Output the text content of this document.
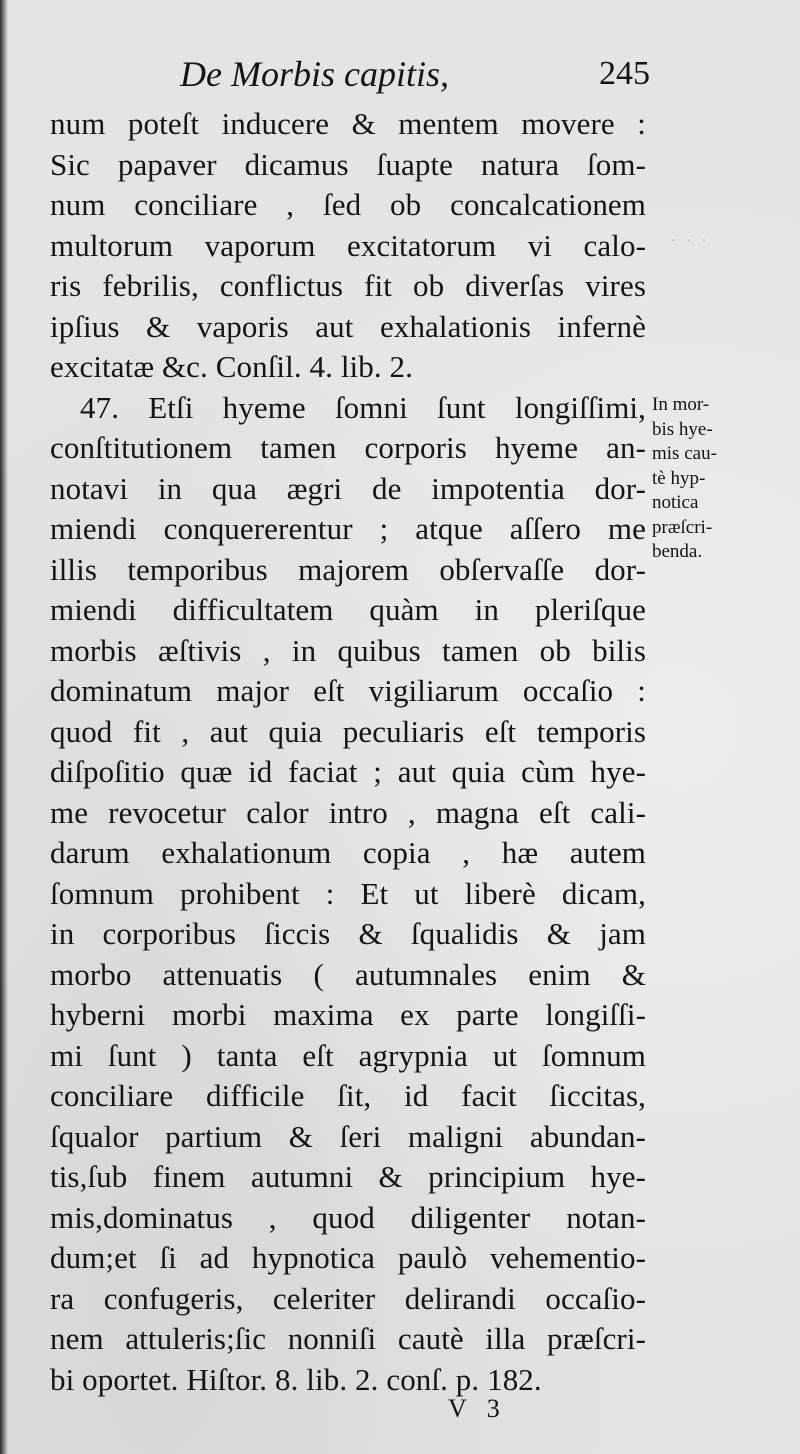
᛫ ᛫ ᛫
De Morbis capitis,	245
num poteſt inducere & mentem movere :
Sic papaver dicamus ſuapte natura ſom-
num conciliare , ſed ob concalcationem
multorum vaporum excitatorum vi calo-
ris febrilis, conflictus fit ob diverſas vires
ipſius & vaporis aut exhalationis infernè
excitatæ &c. Conſil. 4. lib. 2.
47. Etſi hyeme ſomni ſunt longiſſimi,
conſtitutionem tamen corporis hyeme an-
notavi in qua ægri de impotentia dor-
miendi conquererentur ; atque aſſero me
illis temporibus majorem obſervaſſe dor-
miendi difficultatem quàm in pleriſque
morbis æſtivis , in quibus tamen ob bilis
dominatum major eſt vigiliarum occaſio :
quod fit , aut quia peculiaris eſt temporis
diſpoſitio quæ id faciat ; aut quia cùm hye-
me revocetur calor intro , magna eſt cali-
darum exhalationum copia , hæ autem
ſomnum prohibent : Et ut liberè dicam,
in corporibus ſiccis & ſqualidis & jam
morbo attenuatis ( autumnales enim &
hyberni morbi maxima ex parte longiſſi-
mi ſunt ) tanta eſt agrypnia ut ſomnum
conciliare difficile ſit, id facit ſiccitas,
ſqualor partium & ſeri maligni abundan-
tis,ſub finem autumni & principium hye-
mis,dominatus , quod diligenter notan-
dum;et ſi ad hypnotica paulò vehementio-
ra confugeris, celeriter delirandi occaſio-
nem attuleris;ſic nonniſi cautè illa præſcri-
bi oportet. Hiſtor. 8. lib. 2. conſ. p. 182.
In mor-
bis hye-
mis cau-
tè hyp-
notica
præſcri-
benda.
V 3
